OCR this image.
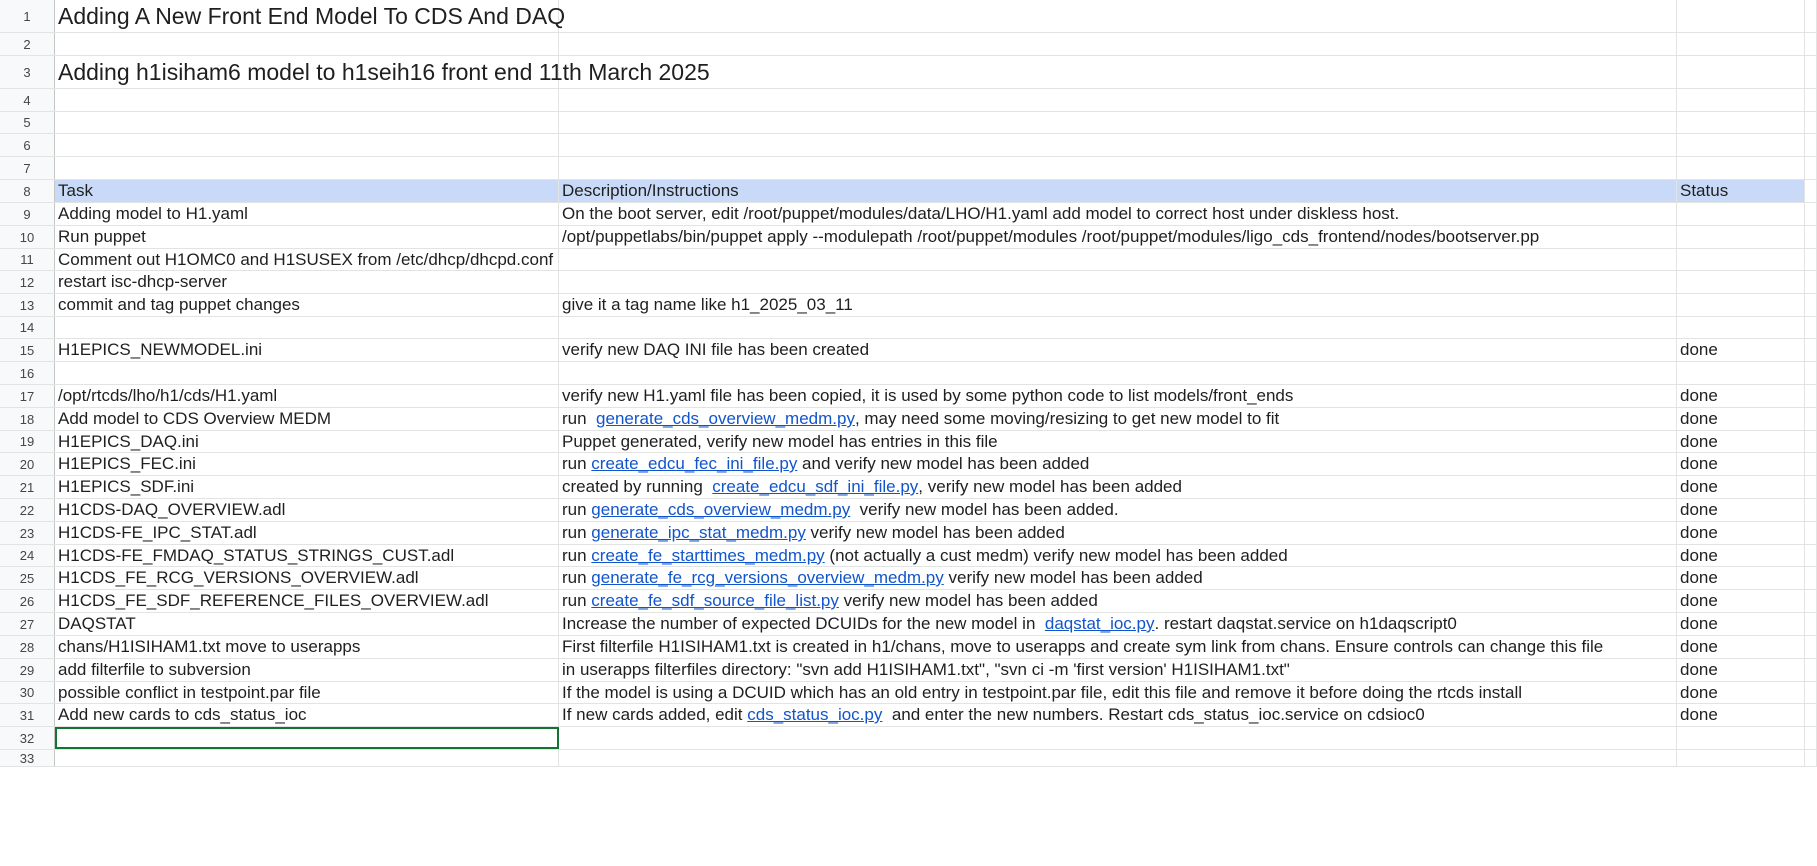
1	Adding A New Front End Model To CDS And DAQ
2
3	Adding h1isiham6 model to h1seih16 front end 11th March 2025
4
5
6
7
8	Task	Description/Instructions	Status
9	Adding model to H1.yaml	On the boot server, edit /root/puppet/modules/data/LHO/H1.yaml add model to correct host under diskless host.
10	Run puppet	/opt/puppetlabs/bin/puppet apply --modulepath /root/puppet/modules /root/puppet/modules/ligo_cds_frontend/nodes/bootserver.pp
11	Comment out H1OMC0 and H1SUSEX from /etc/dhcp/dhcpd.conf
12	restart isc-dhcp-server
13	commit and tag puppet changes	give it a tag name like h1_2025_03_11
14
15	H1EPICS_NEWMODEL.ini	verify new DAQ INI file has been created	done
16
17	/opt/rtcds/lho/h1/cds/H1.yaml	verify new H1.yaml file has been copied, it is used by some python code to list models/front_ends	done
18	Add model to CDS Overview MEDM	run generate_cds_overview_medm.py , may need some moving/resizing to get new model to fit	done
19	H1EPICS_DAQ.ini	Puppet generated, verify new model has entries in this file	done
20	H1EPICS_FEC.ini	run create_edcu_fec_ini_file.py and verify new model has been added	done
21	H1EPICS_SDF.ini	created by running create_edcu_sdf_ini_file.py , verify new model has been added	done
22	H1CDS-DAQ_OVERVIEW.adl	run generate_cds_overview_medm.py verify new model has been added.	done
23	H1CDS-FE_IPC_STAT.adl	run generate_ipc_stat_medm.py verify new model has been added	done
24	H1CDS-FE_FMDAQ_STATUS_STRINGS_CUST.adl	run create_fe_starttimes_medm.py (not actually a cust medm) verify new model has been added	done
25	H1CDS_FE_RCG_VERSIONS_OVERVIEW.adl	run generate_fe_rcg_versions_overview_medm.py verify new model has been added	done
26	H1CDS_FE_SDF_REFERENCE_FILES_OVERVIEW.adl	run create_fe_sdf_source_file_list.py verify new model has been added	done
27	DAQSTAT	Increase the number of expected DCUIDs for the new model in daqstat_ioc.py . restart daqstat.service on h1daqscript0	done
28	chans/H1ISIHAM1.txt move to userapps	First filterfile H1ISIHAM1.txt is created in h1/chans, move to userapps and create sym link from chans. Ensure controls can change this file	done
29	add filterfile to subversion	in userapps filterfiles directory: "svn add H1ISIHAM1.txt", "svn ci -m 'first version' H1ISIHAM1.txt"	done
30	possible conflict in testpoint.par file	If the model is using a DCUID which has an old entry in testpoint.par file, edit this file and remove it before doing the rtcds install	done
31	Add new cards to cds_status_ioc	If new cards added, edit cds_status_ioc.py and enter the new numbers. Restart cds_status_ioc.service on cdsioc0	done
32
33
